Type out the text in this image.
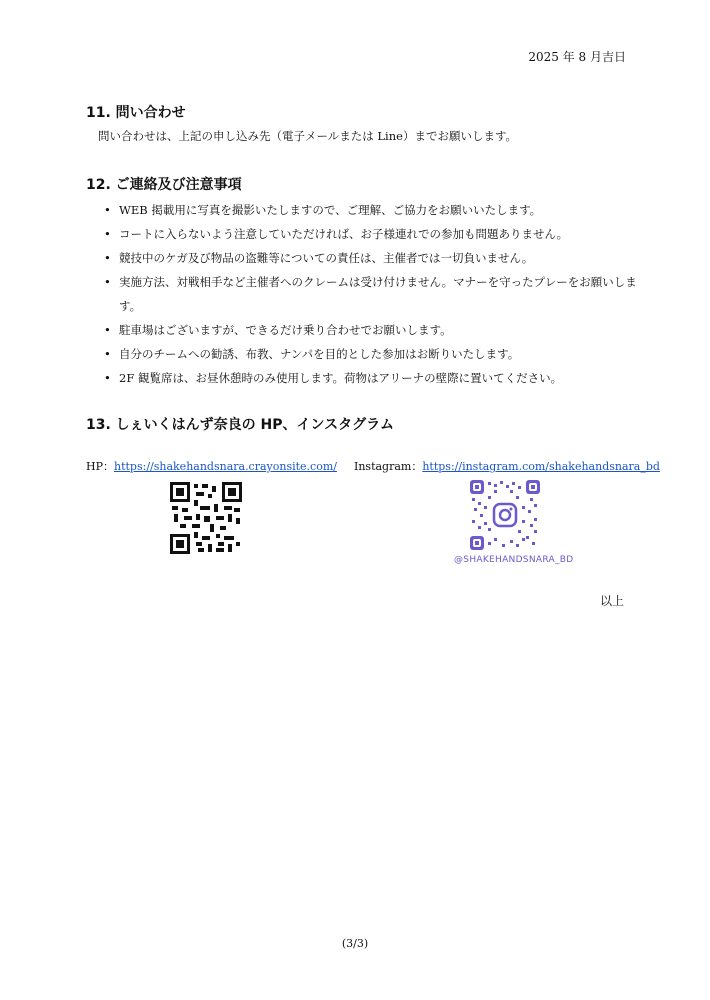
2025 年 8 月吉日
11. 問い合わせ

問い合わせは、上記の申し込み先（電子メールまたは Line）までお願いします。

12. ご連絡及び注意事項
• WEB 掲載用に写真を撮影いたしますので、ご理解、ご協力をお願いいたします。
• コートに入らないよう注意していただければ、お子様連れでの参加も問題ありません。
• 競技中のケガ及び物品の盗難等についての責任は、主催者では一切負いません。
• 実施方法、対戦相手など主催者へのクレームは受け付けません。マナーを守ったプレーをお願いします。
• 駐車場はございますが、できるだけ乗り合わせでお願いします。
• 自分のチームへの勧誘、布教、ナンパを目的とした参加はお断りいたします。
• 2F 観覧席は、お昼休憩時のみ使用します。荷物はアリーナの壁際に置いてください。
13. しぇいくはんず奈良の HP、インスタグラム
HP：https://shakehandsnara.crayonsite.com/ Instagram：https://instagram.com/shakehandsnara_bd
@SHAKEHANDSNARA_BD
以上
(3/3)
